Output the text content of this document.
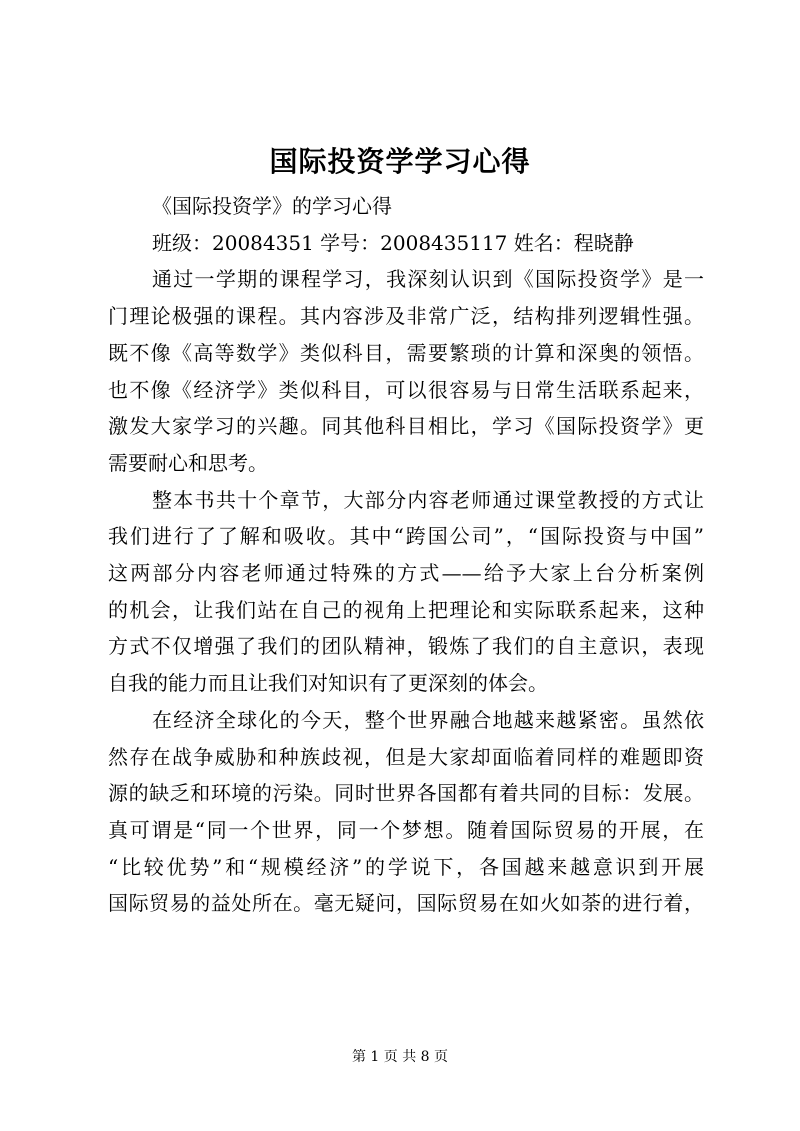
国际投资学学习心得
《国际投资学》的学习心得
班级：20084351 学号：2008435117 姓名：程晓静
通过一学期的课程学习，我深刻认识到《国际投资学》是一
门理论极强的课程。其内容涉及非常广泛，结构排列逻辑性强。
既不像《高等数学》类似科目，需要繁琐的计算和深奥的领悟。
也不像《经济学》类似科目，可以很容易与日常生活联系起来，
激发大家学习的兴趣。同其他科目相比，学习《国际投资学》更
需要耐心和思考。
整本书共十个章节，大部分内容老师通过课堂教授的方式让
我们进行了了解和吸收。其中“跨国公司”，“国际投资与中国”
这两部分内容老师通过特殊的方式——给予大家上台分析案例
的机会，让我们站在自己的视角上把理论和实际联系起来，这种
方式不仅增强了我们的团队精神，锻炼了我们的自主意识，表现
自我的能力而且让我们对知识有了更深刻的体会。
在经济全球化的今天，整个世界融合地越来越紧密。虽然依
然存在战争威胁和种族歧视，但是大家却面临着同样的难题即资
源的缺乏和环境的污染。同时世界各国都有着共同的目标：发展。
真可谓是“同一个世界，同一个梦想。随着国际贸易的开展，在
“比较优势”和“规模经济”的学说下，各国越来越意识到开展
国际贸易的益处所在。毫无疑问，国际贸易在如火如荼的进行着，
第 1 页 共 8 页
